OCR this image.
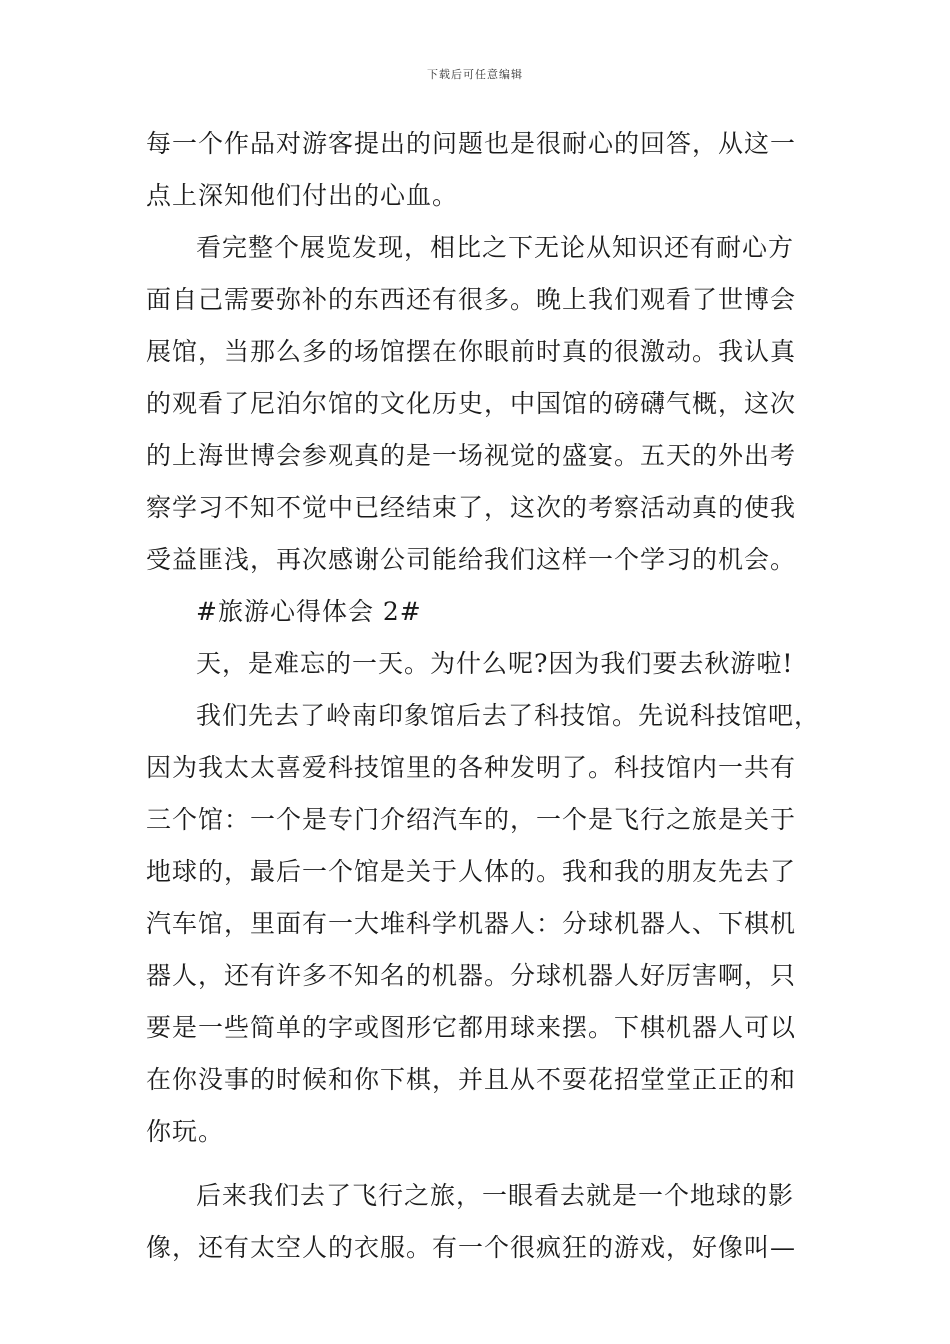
下载后可任意编辑
每一个作品对游客提出的问题也是很耐心的回答，从这一
点上深知他们付出的心血。
看完整个展览发现，相比之下无论从知识还有耐心方
面自己需要弥补的东西还有很多。晚上我们观看了世博会
展馆，当那么多的场馆摆在你眼前时真的很激动。我认真
的观看了尼泊尔馆的文化历史，中国馆的磅礴气概，这次
的上海世博会参观真的是一场视觉的盛宴。五天的外出考
察学习不知不觉中已经结束了，这次的考察活动真的使我
受益匪浅，再次感谢公司能给我们这样一个学习的机会。
#旅游心得体会 2#
天，是难忘的一天。为什么呢?因为我们要去秋游啦!
我们先去了岭南印象馆后去了科技馆。先说科技馆吧，
因为我太太喜爱科技馆里的各种发明了。科技馆内一共有
三个馆：一个是专门介绍汽车的，一个是飞行之旅是关于
地球的，最后一个馆是关于人体的。我和我的朋友先去了
汽车馆，里面有一大堆科学机器人：分球机器人、下棋机
器人，还有许多不知名的机器。分球机器人好厉害啊，只
要是一些简单的字或图形它都用球来摆。下棋机器人可以
在你没事的时候和你下棋，并且从不耍花招堂堂正正的和
你玩。
后来我们去了飞行之旅，一眼看去就是一个地球的影
像，还有太空人的衣服。有一个很疯狂的游戏，好像叫—
